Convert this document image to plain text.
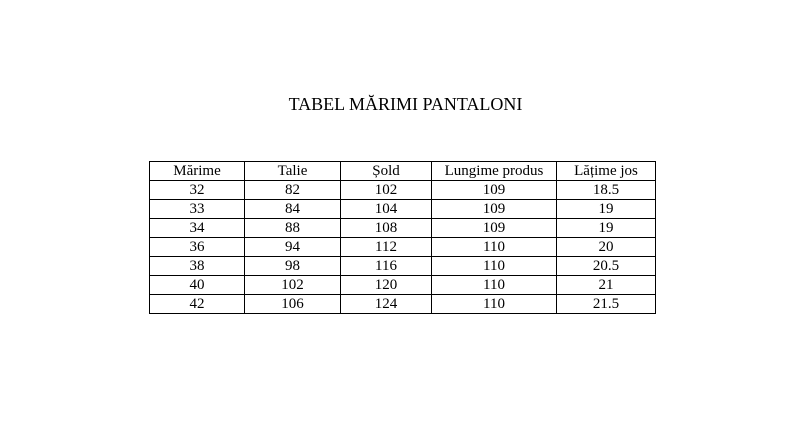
TABEL MĂRIMI PANTALONI
Mărime	Talie	Șold	Lungime produs	Lățime jos
32	82	102	109	18.5
33	84	104	109	19
34	88	108	109	19
36	94	112	110	20
38	98	116	110	20.5
40	102	120	110	21
42	106	124	110	21.5
